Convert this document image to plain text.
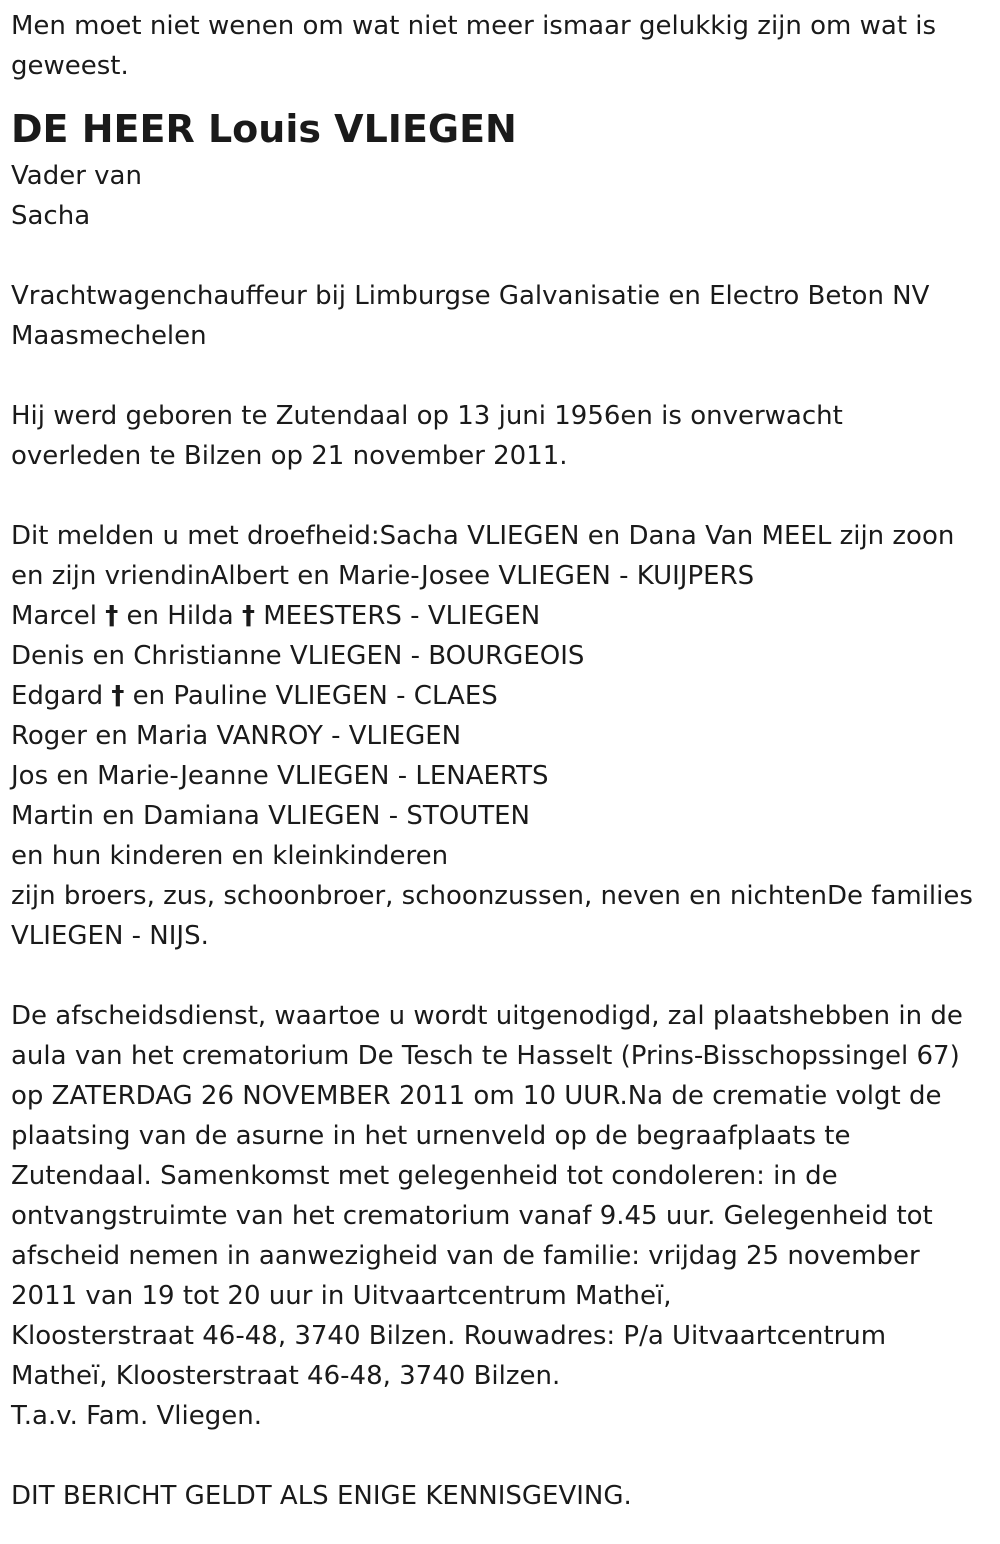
Men moet niet wenen om wat niet meer ismaar gelukkig zijn om wat is
geweest.
DE HEER Louis VLIEGEN
Vader van
Sacha
Vrachtwagenchauffeur bij Limburgse Galvanisatie en Electro Beton NV
Maasmechelen
Hij werd geboren te Zutendaal op 13 juni 1956en is onverwacht
overleden te Bilzen op 21 november 2011.
Dit melden u met droefheid:Sacha VLIEGEN en Dana Van MEEL zijn zoon
en zijn vriendinAlbert en Marie-Josee VLIEGEN - KUIJPERS
Marcel † en Hilda † MEESTERS - VLIEGEN
Denis en Christianne VLIEGEN - BOURGEOIS
Edgard † en Pauline VLIEGEN - CLAES
Roger en Maria VANROY - VLIEGEN
Jos en Marie-Jeanne VLIEGEN - LENAERTS
Martin en Damiana VLIEGEN - STOUTEN
en hun kinderen en kleinkinderen
zijn broers, zus, schoonbroer, schoonzussen, neven en nichtenDe families
VLIEGEN - NIJS.
De afscheidsdienst, waartoe u wordt uitgenodigd, zal plaatshebben in de
aula van het crematorium De Tesch te Hasselt (Prins-Bisschopssingel 67)
op ZATERDAG 26 NOVEMBER 2011 om 10 UUR.Na de crematie volgt de
plaatsing van de asurne in het urnenveld op de begraafplaats te
Zutendaal. Samenkomst met gelegenheid tot condoleren: in de
ontvangstruimte van het crematorium vanaf 9.45 uur. Gelegenheid tot
afscheid nemen in aanwezigheid van de familie: vrijdag 25 november
2011 van 19 tot 20 uur in Uitvaartcentrum Matheï,
Kloosterstraat 46-48, 3740 Bilzen. Rouwadres: P/a Uitvaartcentrum
Matheï, Kloosterstraat 46-48, 3740 Bilzen.
T.a.v. Fam. Vliegen.
DIT BERICHT GELDT ALS ENIGE KENNISGEVING.
